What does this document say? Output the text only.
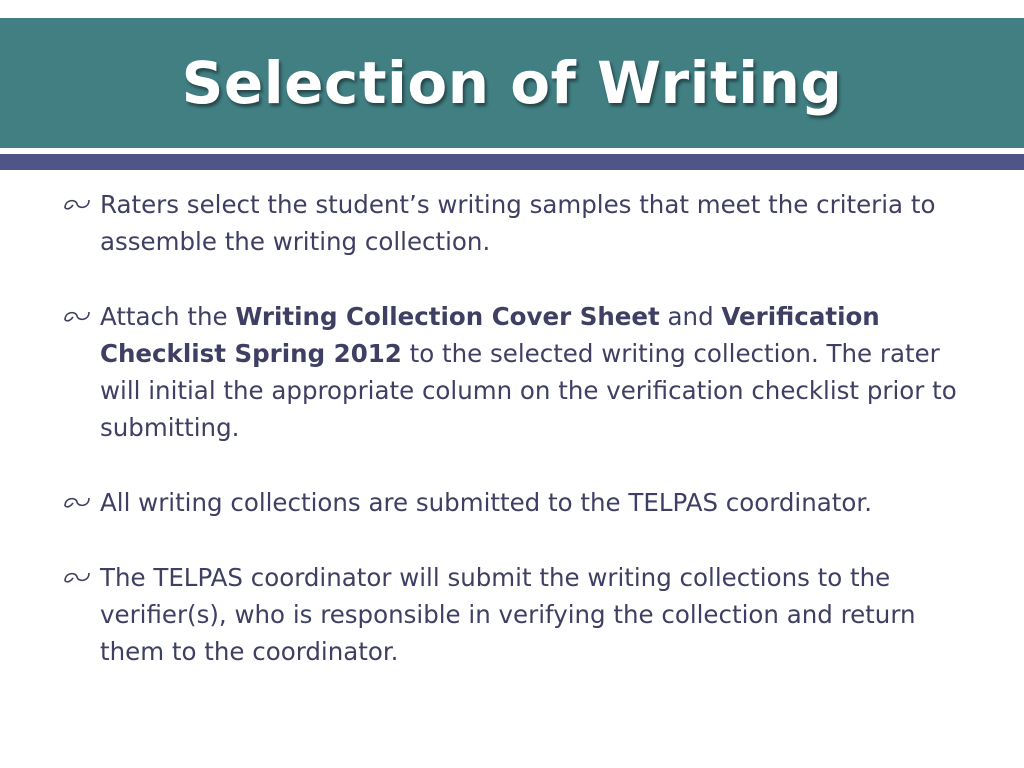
Selection of Writing
Raters select the student’s writing samples that meet the criteria to assemble the writing collection.
Attach the Writing Collection Cover Sheet and Verification Checklist Spring 2012 to the selected writing collection. The rater will initial the appropriate column on the verification checklist prior to submitting.
All writing collections are submitted to the TELPAS coordinator.
The TELPAS coordinator will submit the writing collections to the verifier(s), who is responsible in verifying the collection and return them to the coordinator.
